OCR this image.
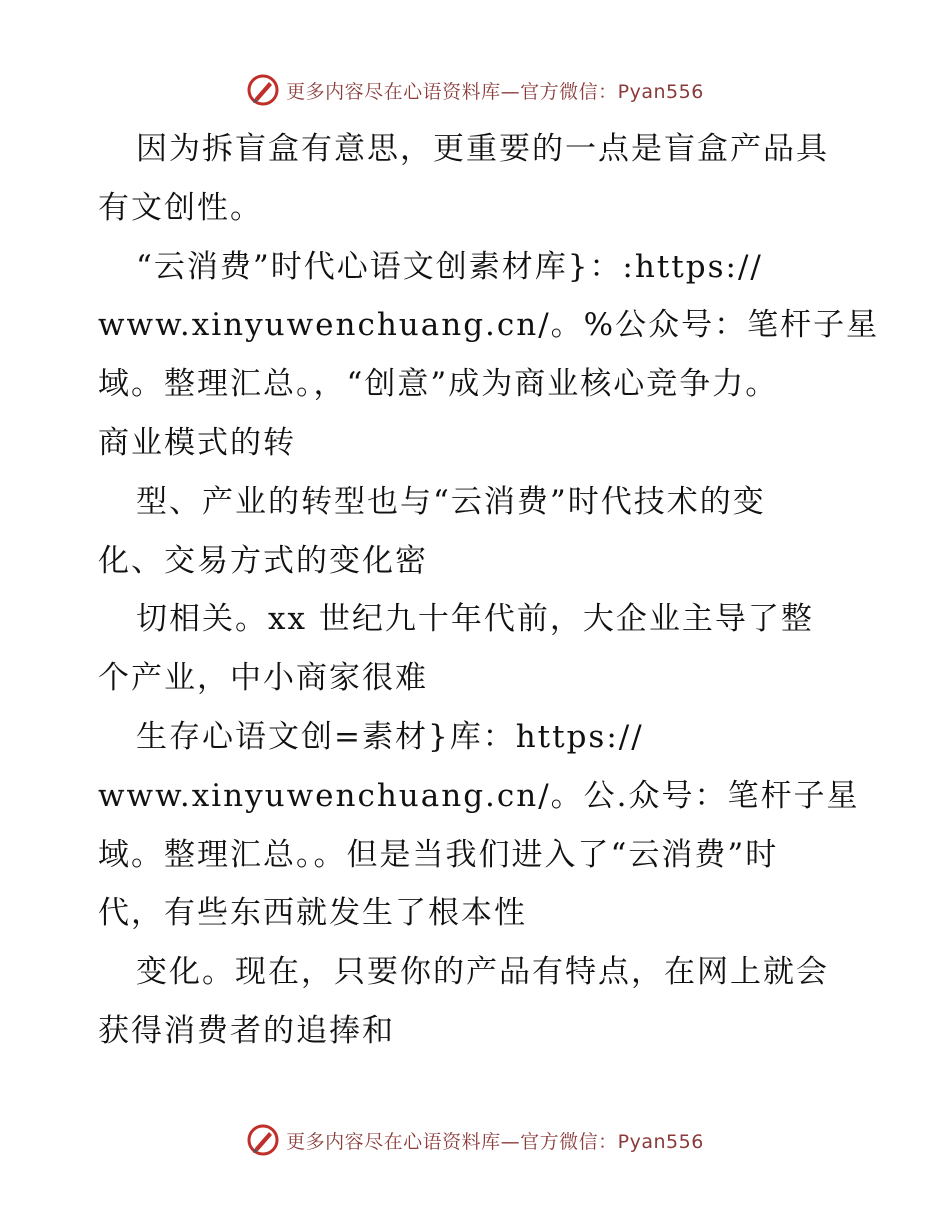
更多内容尽在心语资料库—官方微信：Pyan556
因为拆盲盒有意思，更重要的一点是盲盒产品具
有文创性。
“云消费”时代心语文创素材库}：:https://
www.xinyuwenchuang.cn/。%公众号：笔杆子星
域。整理汇总。，“创意”成为商业核心竞争力。
商业模式的转
型、产业的转型也与“云消费”时代技术的变
化、交易方式的变化密
切相关。xx 世纪九十年代前，大企业主导了整
个产业，中小商家很难
生存心语文创=素材}库：https://
www.xinyuwenchuang.cn/。公.众号：笔杆子星
域。整理汇总。。但是当我们进入了“云消费”时
代，有些东西就发生了根本性
变化。现在，只要你的产品有特点，在网上就会
获得消费者的追捧和
更多内容尽在心语资料库—官方微信：Pyan556
